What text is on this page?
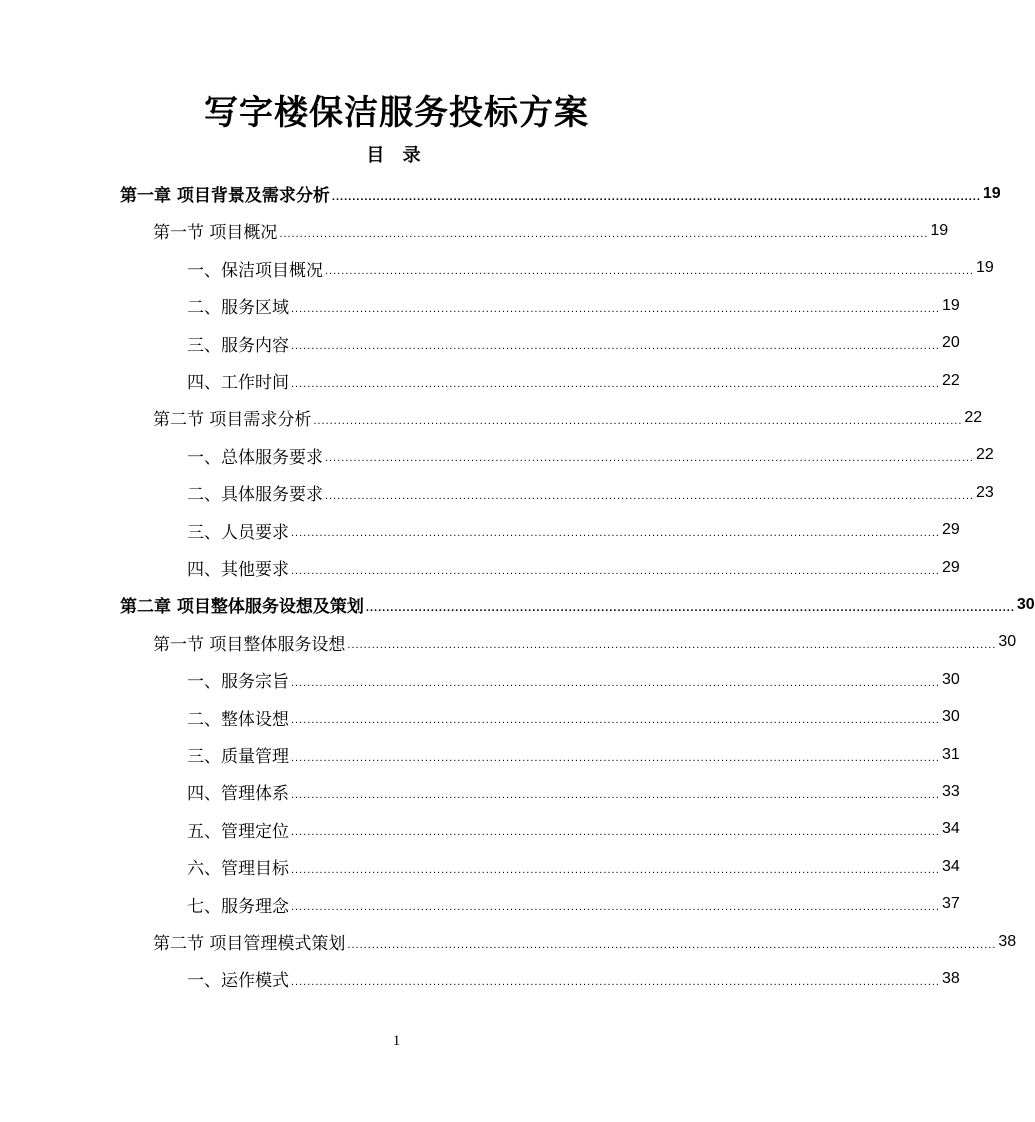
写字楼保洁服务投标方案
目 录
第一章 项目背景及需求分析 ................................................................................................................................................................ 19
第一节 项目概况 ................................................................................................................................................................ 19
一、保洁项目概况 ................................................................................................................................................................ 19
二、服务区域 ................................................................................................................................................................ 19
三、服务内容 ................................................................................................................................................................ 20
四、工作时间 ................................................................................................................................................................ 22
第二节 项目需求分析 ................................................................................................................................................................ 22
一、总体服务要求 ................................................................................................................................................................ 22
二、具体服务要求 ................................................................................................................................................................ 23
三、人员要求 ................................................................................................................................................................ 29
四、其他要求 ................................................................................................................................................................ 29
第二章 项目整体服务设想及策划 ................................................................................................................................................................ 30
第一节 项目整体服务设想 ................................................................................................................................................................ 30
一、服务宗旨 ................................................................................................................................................................ 30
二、整体设想 ................................................................................................................................................................ 30
三、质量管理 ................................................................................................................................................................ 31
四、管理体系 ................................................................................................................................................................ 33
五、管理定位 ................................................................................................................................................................ 34
六、管理目标 ................................................................................................................................................................ 34
七、服务理念 ................................................................................................................................................................ 37
第二节 项目管理模式策划 ................................................................................................................................................................ 38
一、运作模式 ................................................................................................................................................................ 38
1
